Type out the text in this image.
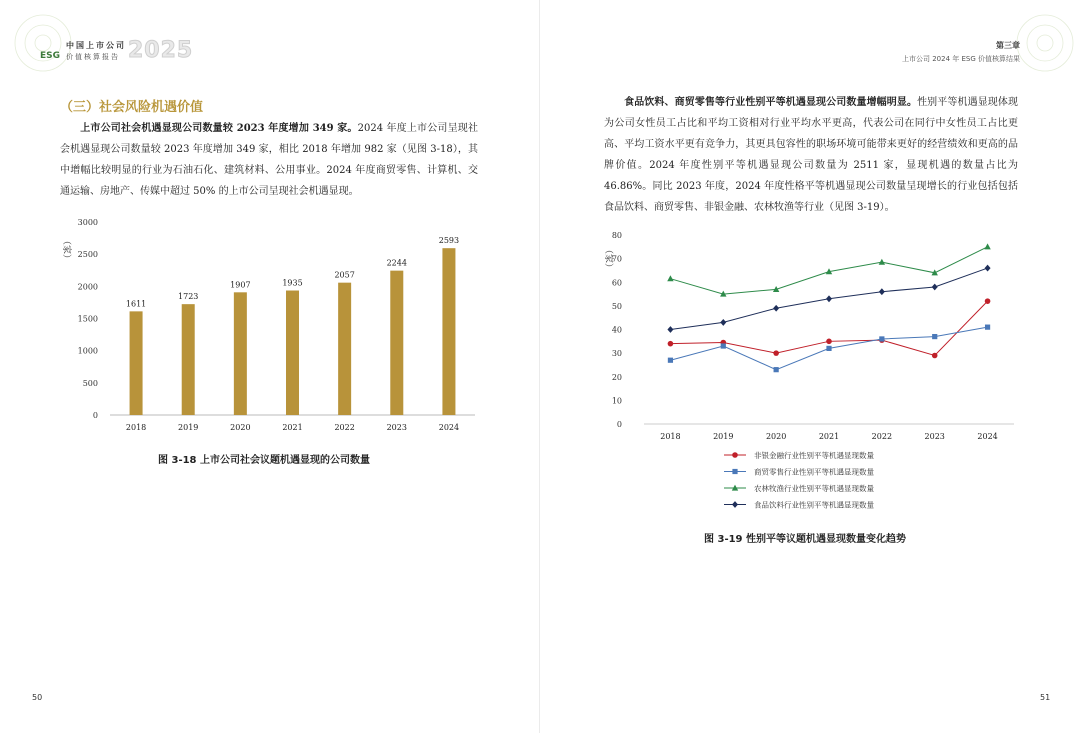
ESG
中国上市公司
价值核算报告 2025
（三）社会风险机遇价值
上市公司社会机遇显现公司数量较 2023 年度增加 349 家。2024 年度上市公司呈现社会机遇显现公司数量较 2023 年度增加 349 家，相比 2018 年增加 982 家（见图 3-18），其中增幅比较明显的行业为石油石化、建筑材料、公用事业。2024 年度商贸零售、计算机、交通运输、房地产、传媒中超过 50% 的上市公司呈现社会机遇显现。
（家）
0
500
1000
1500
2000
2500
3000
1611
2018
1723
2019
1907
2020
1935
2021
2057
2022
2244
2023
2593
2024
图 3-18 上市公司社会议题机遇显现的公司数量
50
第三章
上市公司 2024 年 ESG 价值核算结果
食品饮料、商贸零售等行业性别平等机遇显现公司数量增幅明显。性别平等机遇显现体现为公司女性员工占比和平均工资相对行业平均水平更高，代表公司在同行中女性员工占比更高、平均工资水平更有竞争力，其更具包容性的职场环境可能带来更好的经营绩效和更高的品牌价值。2024 年度性别平等机遇显现公司数量为 2511 家，显现机遇的数量占比为 46.86%。同比 2023 年度，2024 年度性格平等机遇显现公司数量呈现增长的行业包括包括食品饮料、商贸零售、非银金融、农林牧渔等行业（见图 3-19）。
（家）
0
10
20
30
40
50
60
70
80
2018	2019	2020	2021	2022	2023	2024
非银金融行业性别平等机遇显现数量
商贸零售行业性别平等机遇显现数量
农林牧渔行业性别平等机遇显现数量
食品饮料行业性别平等机遇显现数量
图 3-19 性别平等议题机遇显现数量变化趋势
51
